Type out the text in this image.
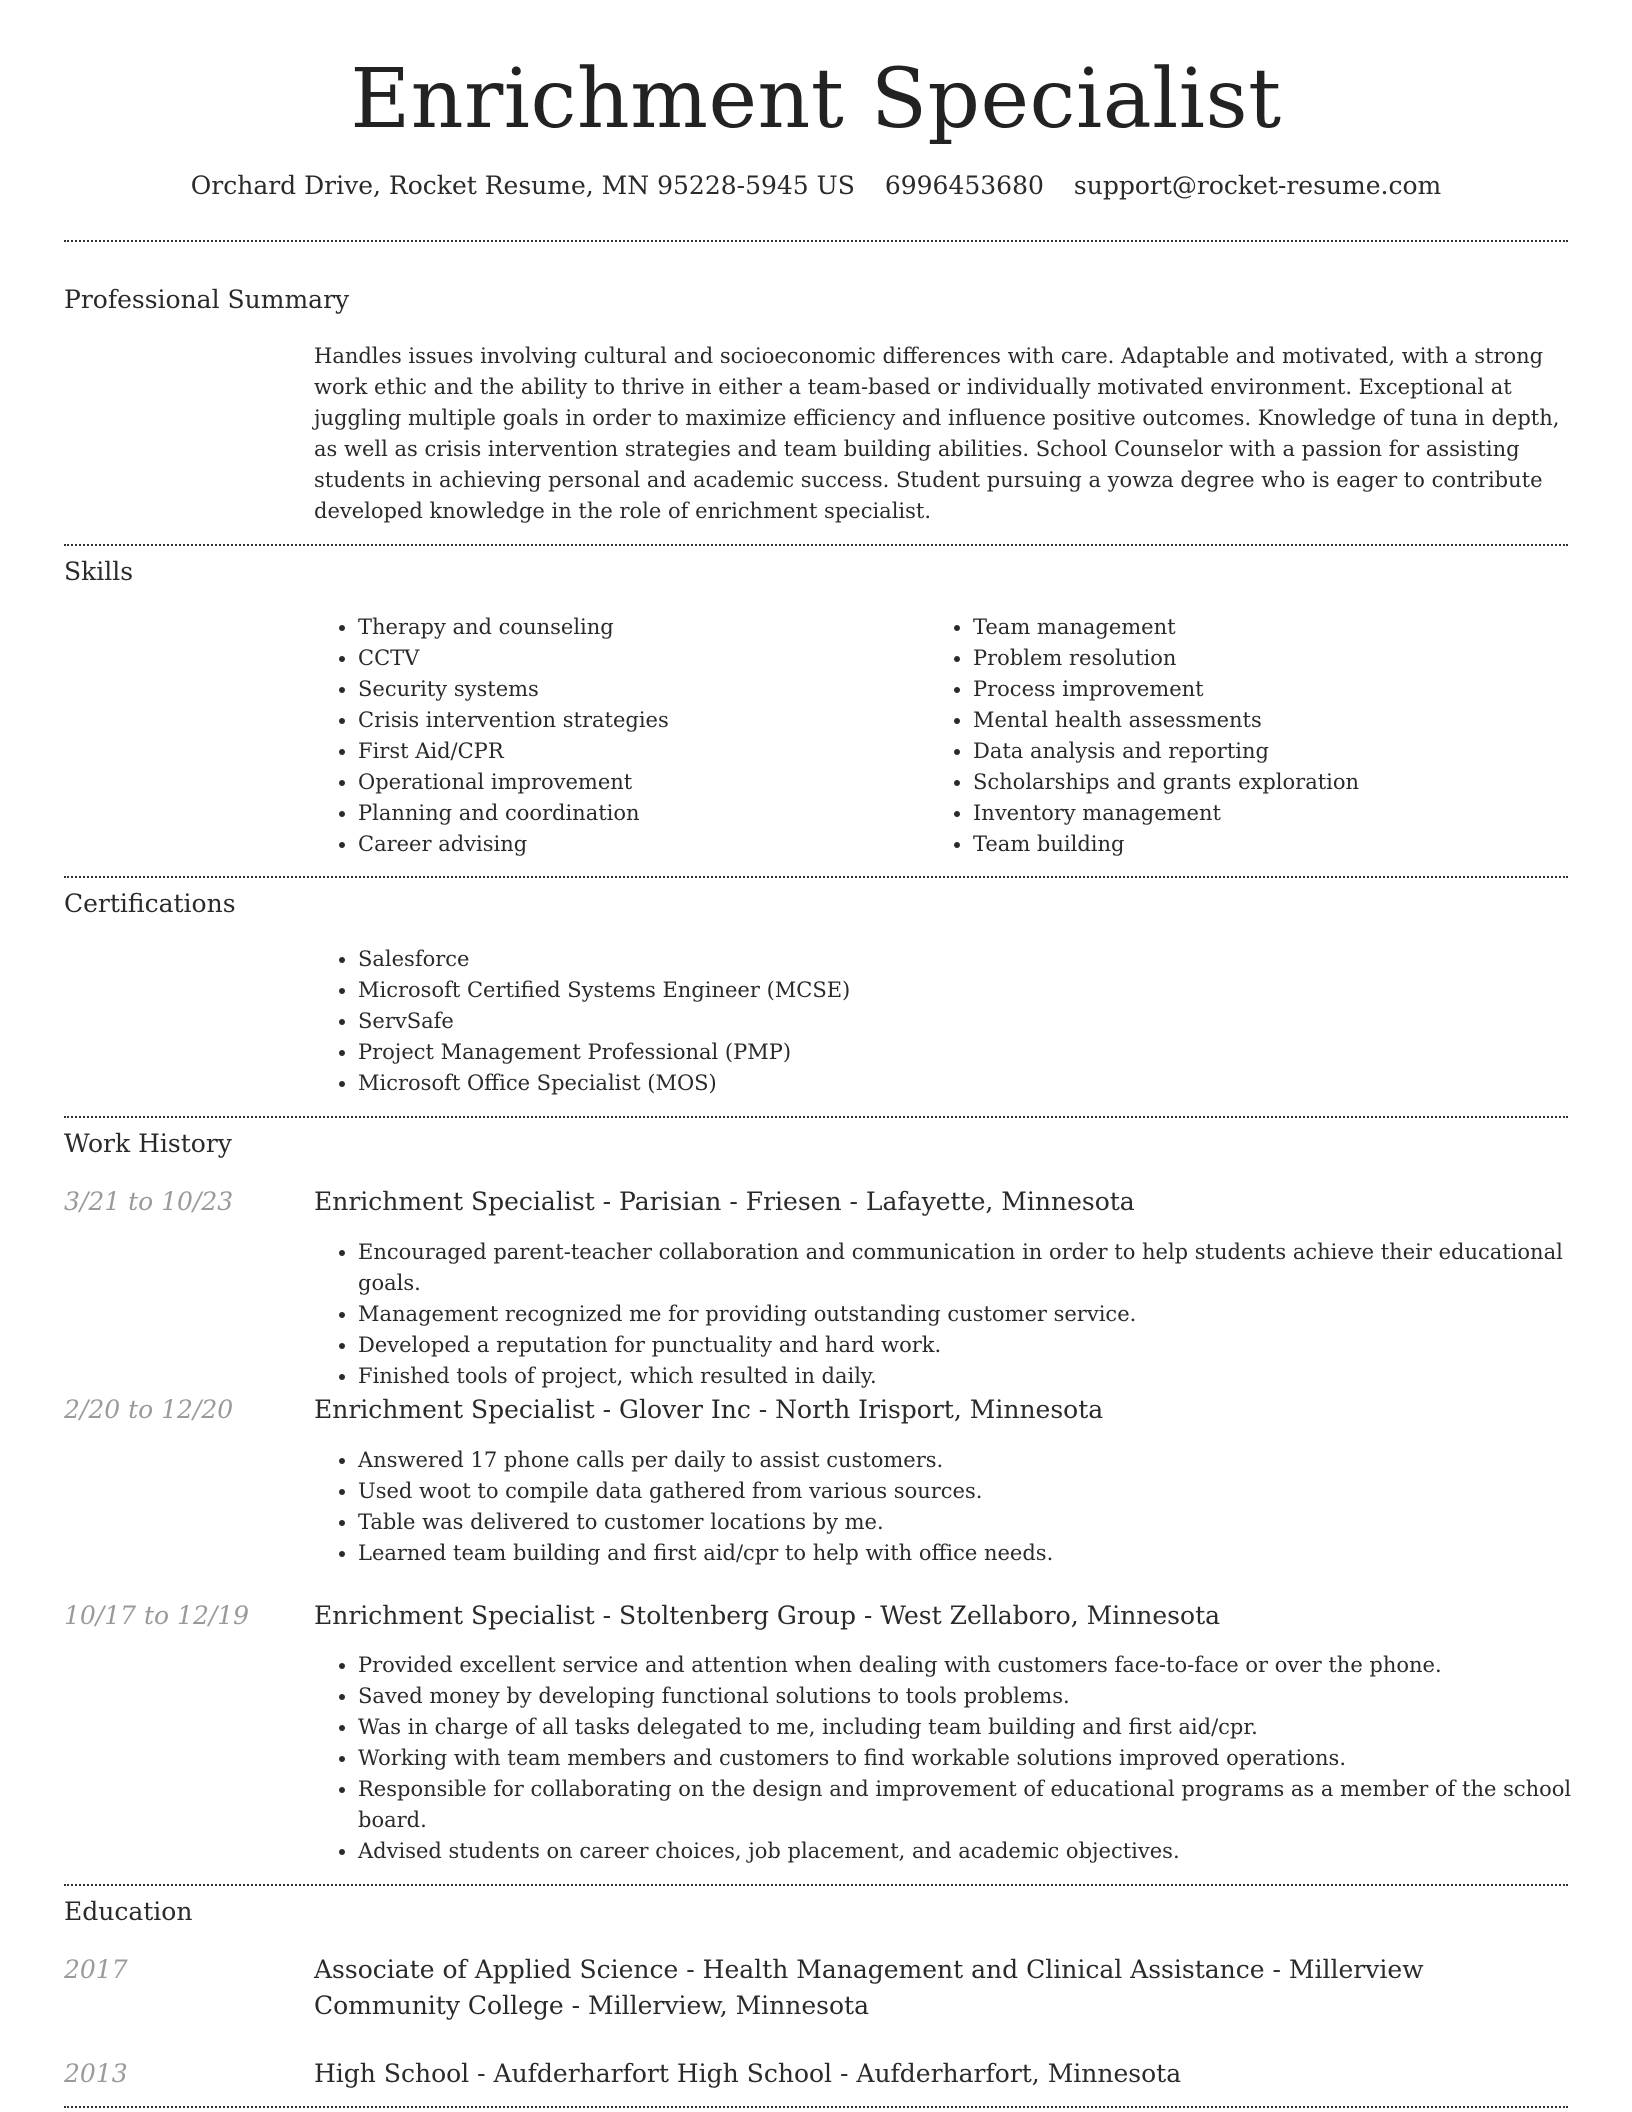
Enrichment Specialist
Orchard Drive, Rocket Resume, MN 95228-5945 US 6996453680 support@rocket-resume.com
Professional Summary
Handles issues involving cultural and socioeconomic differences with care. Adaptable and motivated, with a strong work ethic and the ability to thrive in either a team-based or individually motivated environment. Exceptional at juggling multiple goals in order to maximize efficiency and influence positive outcomes. Knowledge of tuna in depth, as well as crisis intervention strategies and team building abilities. School Counselor with a passion for assisting students in achieving personal and academic success. Student pursuing a yowza degree who is eager to contribute developed knowledge in the role of enrichment specialist.
Skills
• Therapy and counseling
• CCTV
• Security systems
• Crisis intervention strategies
• First Aid/CPR
• Operational improvement
• Planning and coordination
• Career advising
• Team management
• Problem resolution
• Process improvement
• Mental health assessments
• Data analysis and reporting
• Scholarships and grants exploration
• Inventory management
• Team building
Certifications
• Salesforce
• Microsoft Certified Systems Engineer (MCSE)
• ServSafe
• Project Management Professional (PMP)
• Microsoft Office Specialist (MOS)
Work History
3/21 to 10/23	Enrichment Specialist - Parisian - Friesen - Lafayette, Minnesota
• Encouraged parent-teacher collaboration and communication in order to help students achieve their educational goals.
• Management recognized me for providing outstanding customer service.
• Developed a reputation for punctuality and hard work.
• Finished tools of project, which resulted in daily.
2/20 to 12/20	Enrichment Specialist - Glover Inc - North Irisport, Minnesota
• Answered 17 phone calls per daily to assist customers.
• Used woot to compile data gathered from various sources.
• Table was delivered to customer locations by me.
• Learned team building and first aid/cpr to help with office needs.
10/17 to 12/19	Enrichment Specialist - Stoltenberg Group - West Zellaboro, Minnesota
• Provided excellent service and attention when dealing with customers face-to-face or over the phone.
• Saved money by developing functional solutions to tools problems.
• Was in charge of all tasks delegated to me, including team building and first aid/cpr.
• Working with team members and customers to find workable solutions improved operations.
• Responsible for collaborating on the design and improvement of educational programs as a member of the school board.
• Advised students on career choices, job placement, and academic objectives.
Education
2017	Associate of Applied Science - Health Management and Clinical Assistance - Millerview Community College - Millerview, Minnesota
2013	High School - Aufderharfort High School - Aufderharfort, Minnesota
